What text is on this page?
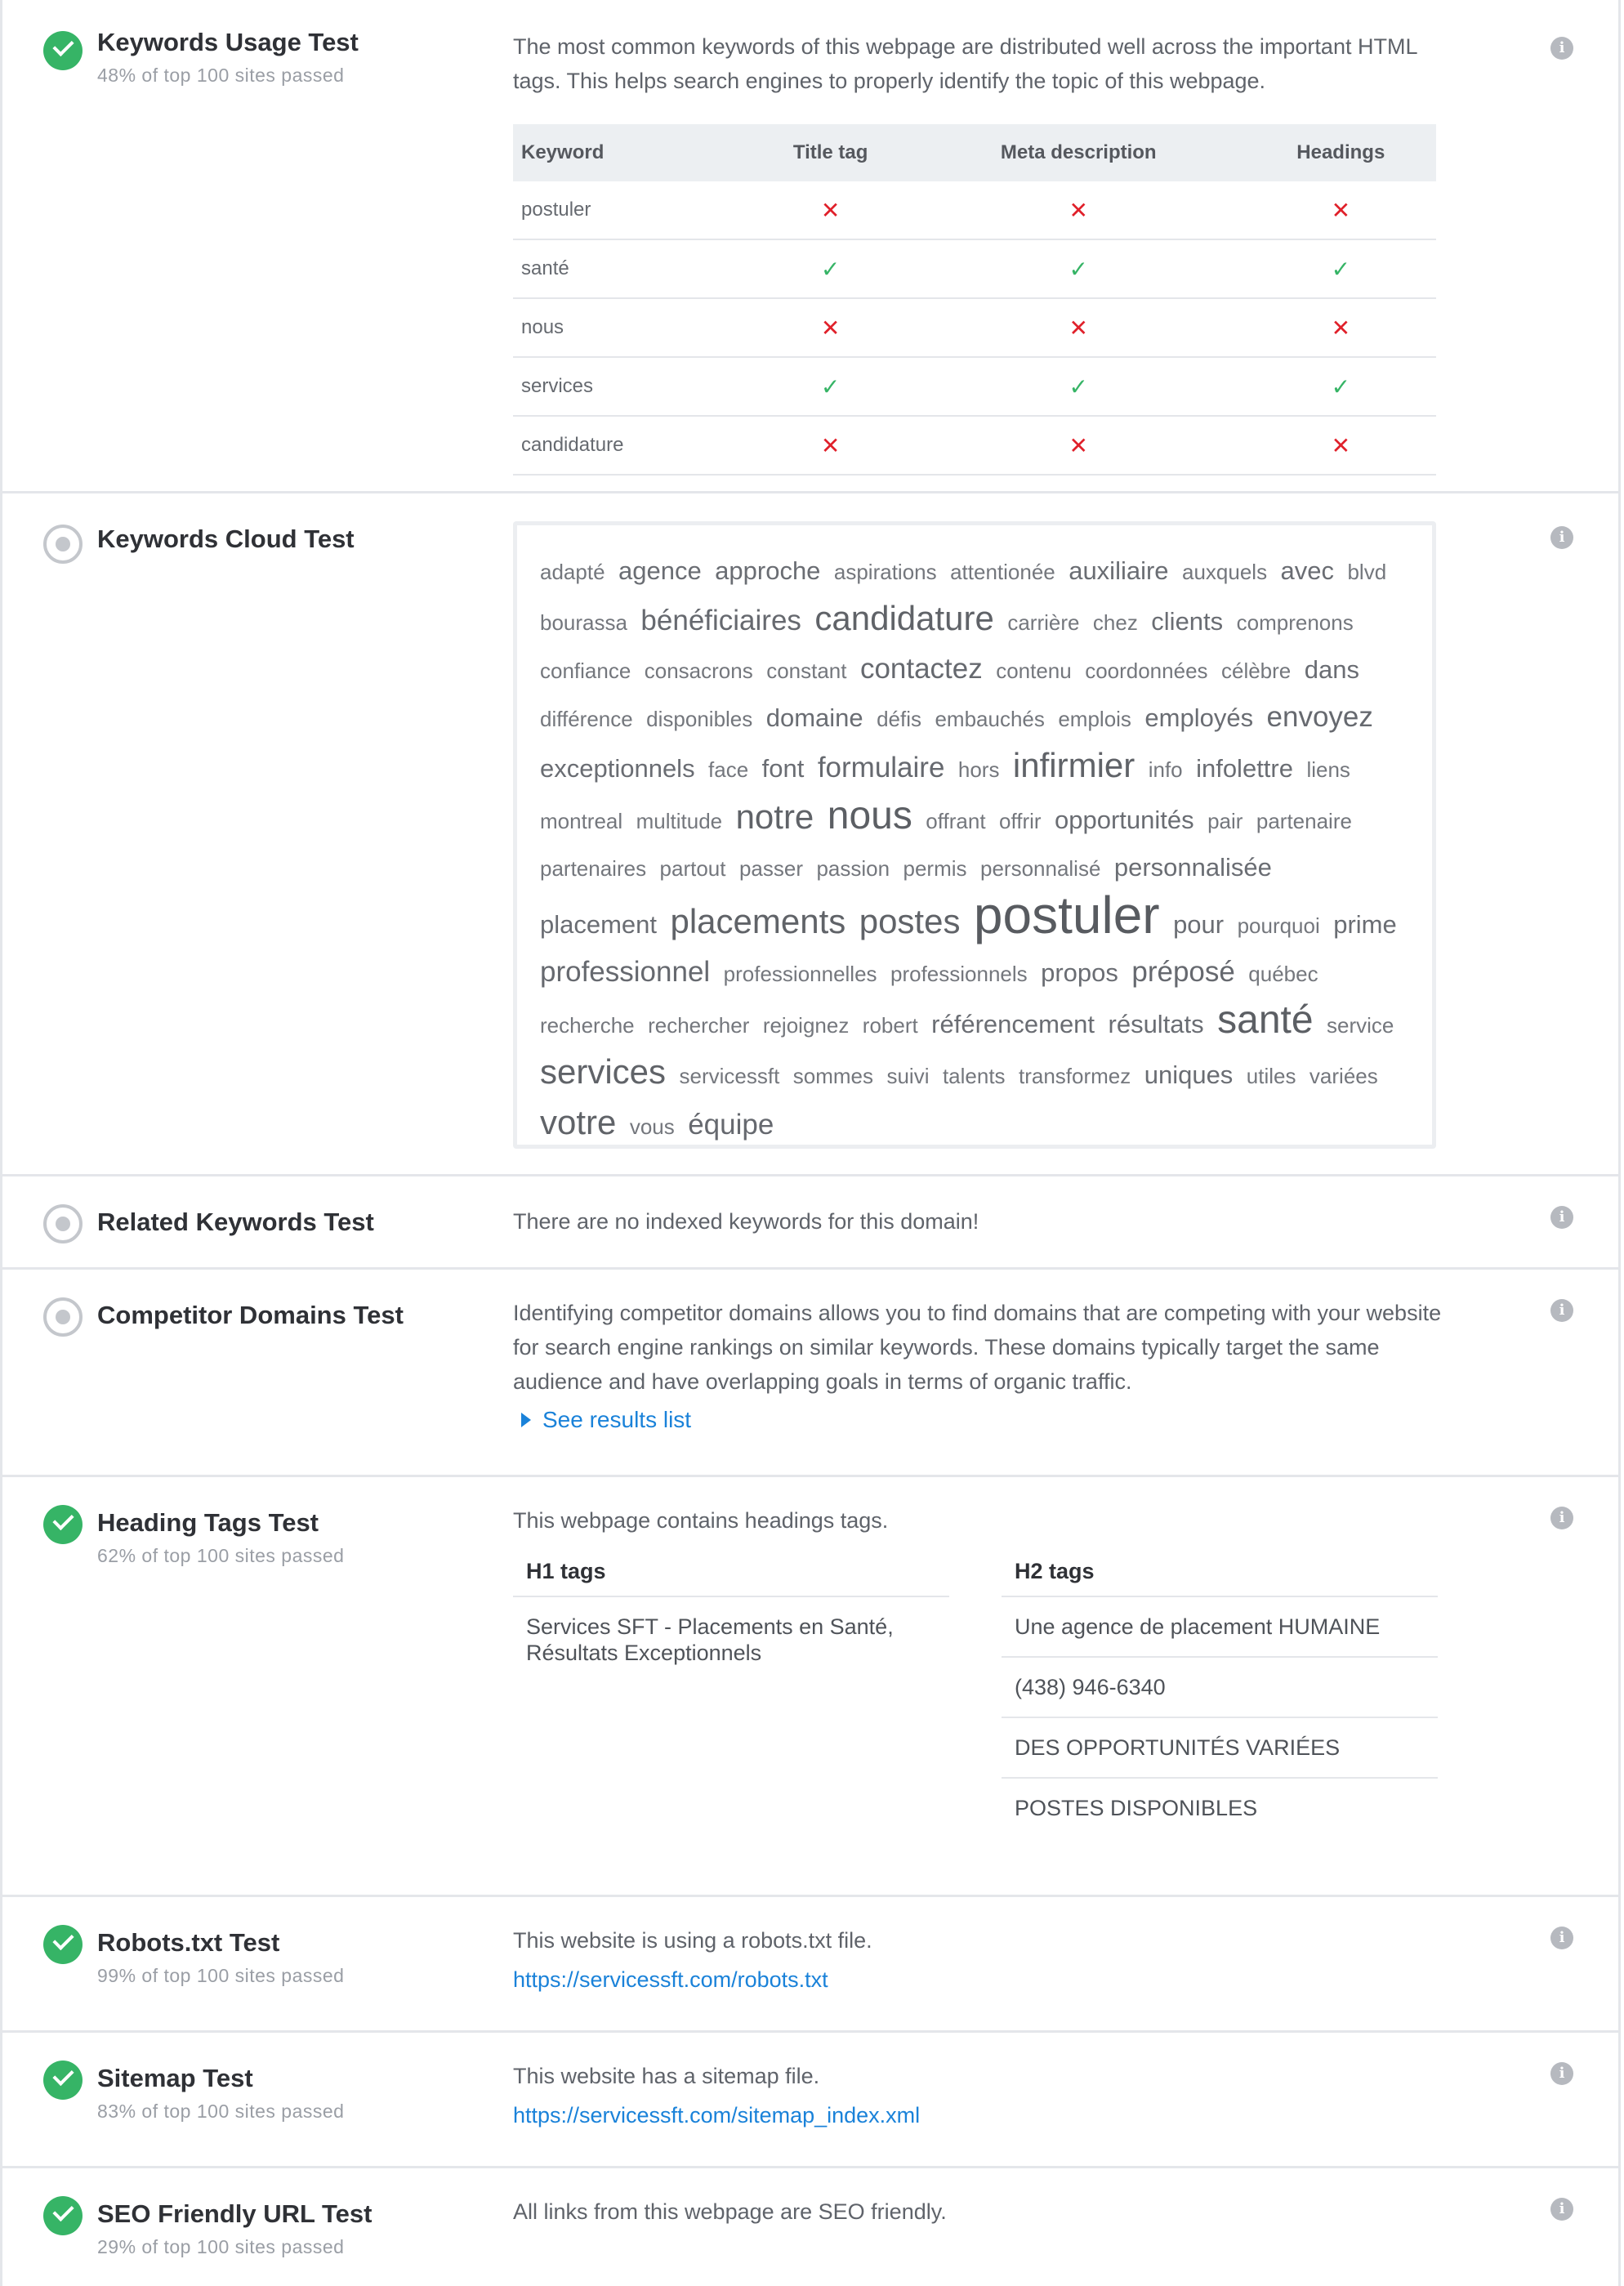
Keywords Usage Test
48% of top 100 sites passed

The most common keywords of this webpage are distributed well across the important HTML tags. This helps search engines to properly identify the topic of this webpage.

Keyword	Title tag	Meta description	Headings
postuler	✕	✕	✕
santé	✓	✓	✓
nous	✕	✕	✕
services	✓	✓	✓
candidature	✕	✕	✕
i
Keywords Cloud Test
adapté agence approche aspirations attentionée auxiliaire auxquels avec blvd bourassa bénéficiaires candidature carrière chez clients comprenons confiance consacrons constant contactez contenu coordonnées célèbre dans différence disponibles domaine défis embauchés emplois employés envoyez exceptionnels face font formulaire hors infirmier info infolettre liens montreal multitude notre nous offrant offrir opportunités pair partenaire partenaires partout passer passion permis personnalisé personnalisée placement placements postes postuler pour pourquoi prime professionnel professionnelles professionnels propos préposé québec recherche rechercher rejoignez robert référencement résultats santé service services servicessft sommes suivi talents transformez uniques utiles variées votre vous équipe
i
Related Keywords Test	There are no indexed keywords for this domain!	i
Competitor Domains Test	Identifying competitor domains allows you to find domains that are competing with your website for search engine rankings on similar keywords. These domains typically target the same audience and have overlapping goals in terms of organic traffic.

See results list
i
Heading Tags Test
62% of top 100 sites passed

This webpage contains headings tags.

H1 tags
Services SFT - Placements en Santé, Résultats Exceptionnels
H2 tags
Une agence de placement HUMAINE
(438) 946-6340
DES OPPORTUNITÉS VARIÉES
POSTES DISPONIBLES
i
Robots.txt Test
99% of top 100 sites passed

This website is using a robots.txt file.

https://servicessft.com/robots.txt
i
Sitemap Test
83% of top 100 sites passed

This website has a sitemap file.

https://servicessft.com/sitemap_index.xml
i
SEO Friendly URL Test
29% of top 100 sites passed

All links from this webpage are SEO friendly.	i
